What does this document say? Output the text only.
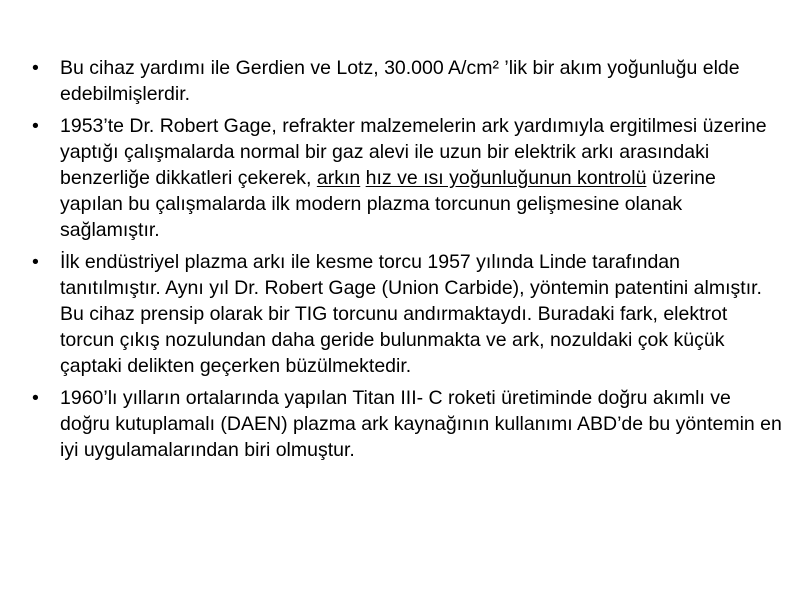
•	Bu cihaz yardımı ile Gerdien ve Lotz, 30.000 A/cm² ’lik bir akım yoğunluğu elde edebilmişlerdir.
•	1953’te Dr. Robert Gage, refrakter malzemelerin ark yardımıyla ergitilmesi üzerine yaptığı çalışmalarda normal bir gaz alevi ile uzun bir elektrik arkı arasındaki benzerliğe dikkatleri çekerek, arkın hız ve ısı yoğunluğunun kontrolü üzerine yapılan bu çalışmalarda ilk modern plazma torcunun gelişmesine olanak sağlamıştır.
•	İlk endüstriyel plazma arkı ile kesme torcu 1957 yılında Linde tarafından tanıtılmıştır. Aynı yıl Dr. Robert Gage (Union Carbide), yöntemin patentini almıştır. Bu cihaz prensip olarak bir TIG torcunu andırmaktaydı. Buradaki fark, elektrot torcun çıkış nozulundan daha geride bulunmakta ve ark, nozuldaki çok küçük çaptaki delikten geçerken büzülmektedir.
•	1960’lı yılların ortalarında yapılan Titan III- C roketi üretiminde doğru akımlı ve doğru kutuplamalı (DAEN) plazma ark kaynağının kullanımı ABD’de bu yöntemin en iyi uygulamalarından biri olmuştur.
